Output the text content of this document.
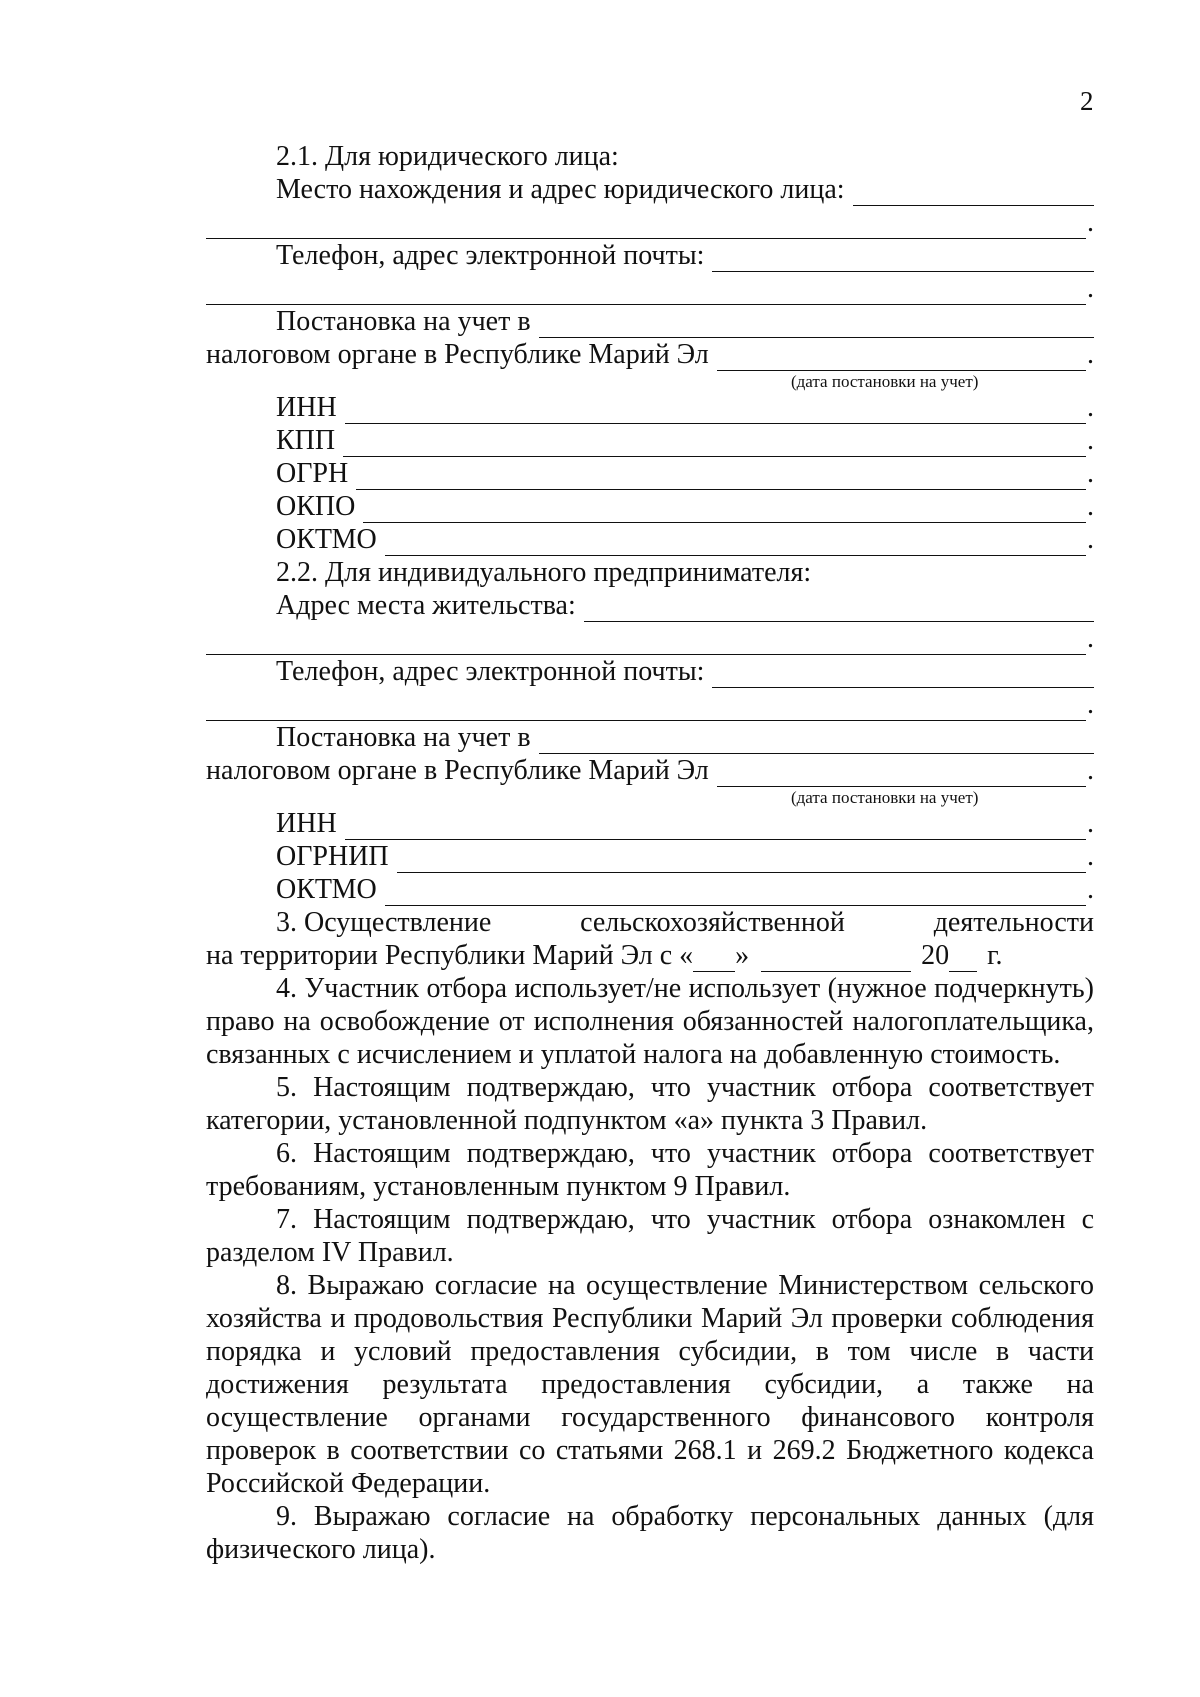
2
2.1. Для юридического лица:
Место нахождения и адрес юридического лица:
.
Телефон, адрес электронной почты:
.
Постановка на учет в
налоговом органе в Республике Марий Эл	.
(дата постановки на учет)
ИНН	.
КПП	.
ОГРН	.
ОКПО	.
ОКТМО	.
2.2. Для индивидуального предпринимателя:
Адрес места жительства:
.
Телефон, адрес электронной почты:
.
Постановка на учет в
налоговом органе в Республике Марий Эл	.
(дата постановки на учет)
ИНН	.
ОГРНИП	.
ОКТМО	.
3. Осуществление	сельскохозяйственной	деятельности
на территории Республики Марий Эл с « »	20 г.

4. Участник отбора использует/не использует (нужное подчеркнуть) право на освобождение от исполнения обязанностей налогоплательщика, связанных с исчислением и уплатой налога на добавленную стоимость.

5. Настоящим подтверждаю, что участник отбора соответствует категории, установленной подпунктом «а» пункта 3 Правил.

6. Настоящим подтверждаю, что участник отбора соответствует требованиям, установленным пунктом 9 Правил.

7. Настоящим подтверждаю, что участник отбора ознакомлен с разделом IV Правил.

8. Выражаю согласие на осуществление Министерством сельского хозяйства и продовольствия Республики Марий Эл проверки соблюдения порядка и условий предоставления субсидии, в том числе в части достижения результата предоставления субсидии, а также на осуществление органами государственного финансового контроля проверок в соответствии со статьями 268.1 и 269.2 Бюджетного кодекса Российской Федерации.

9. Выражаю согласие на обработку персональных данных (для физического лица).
